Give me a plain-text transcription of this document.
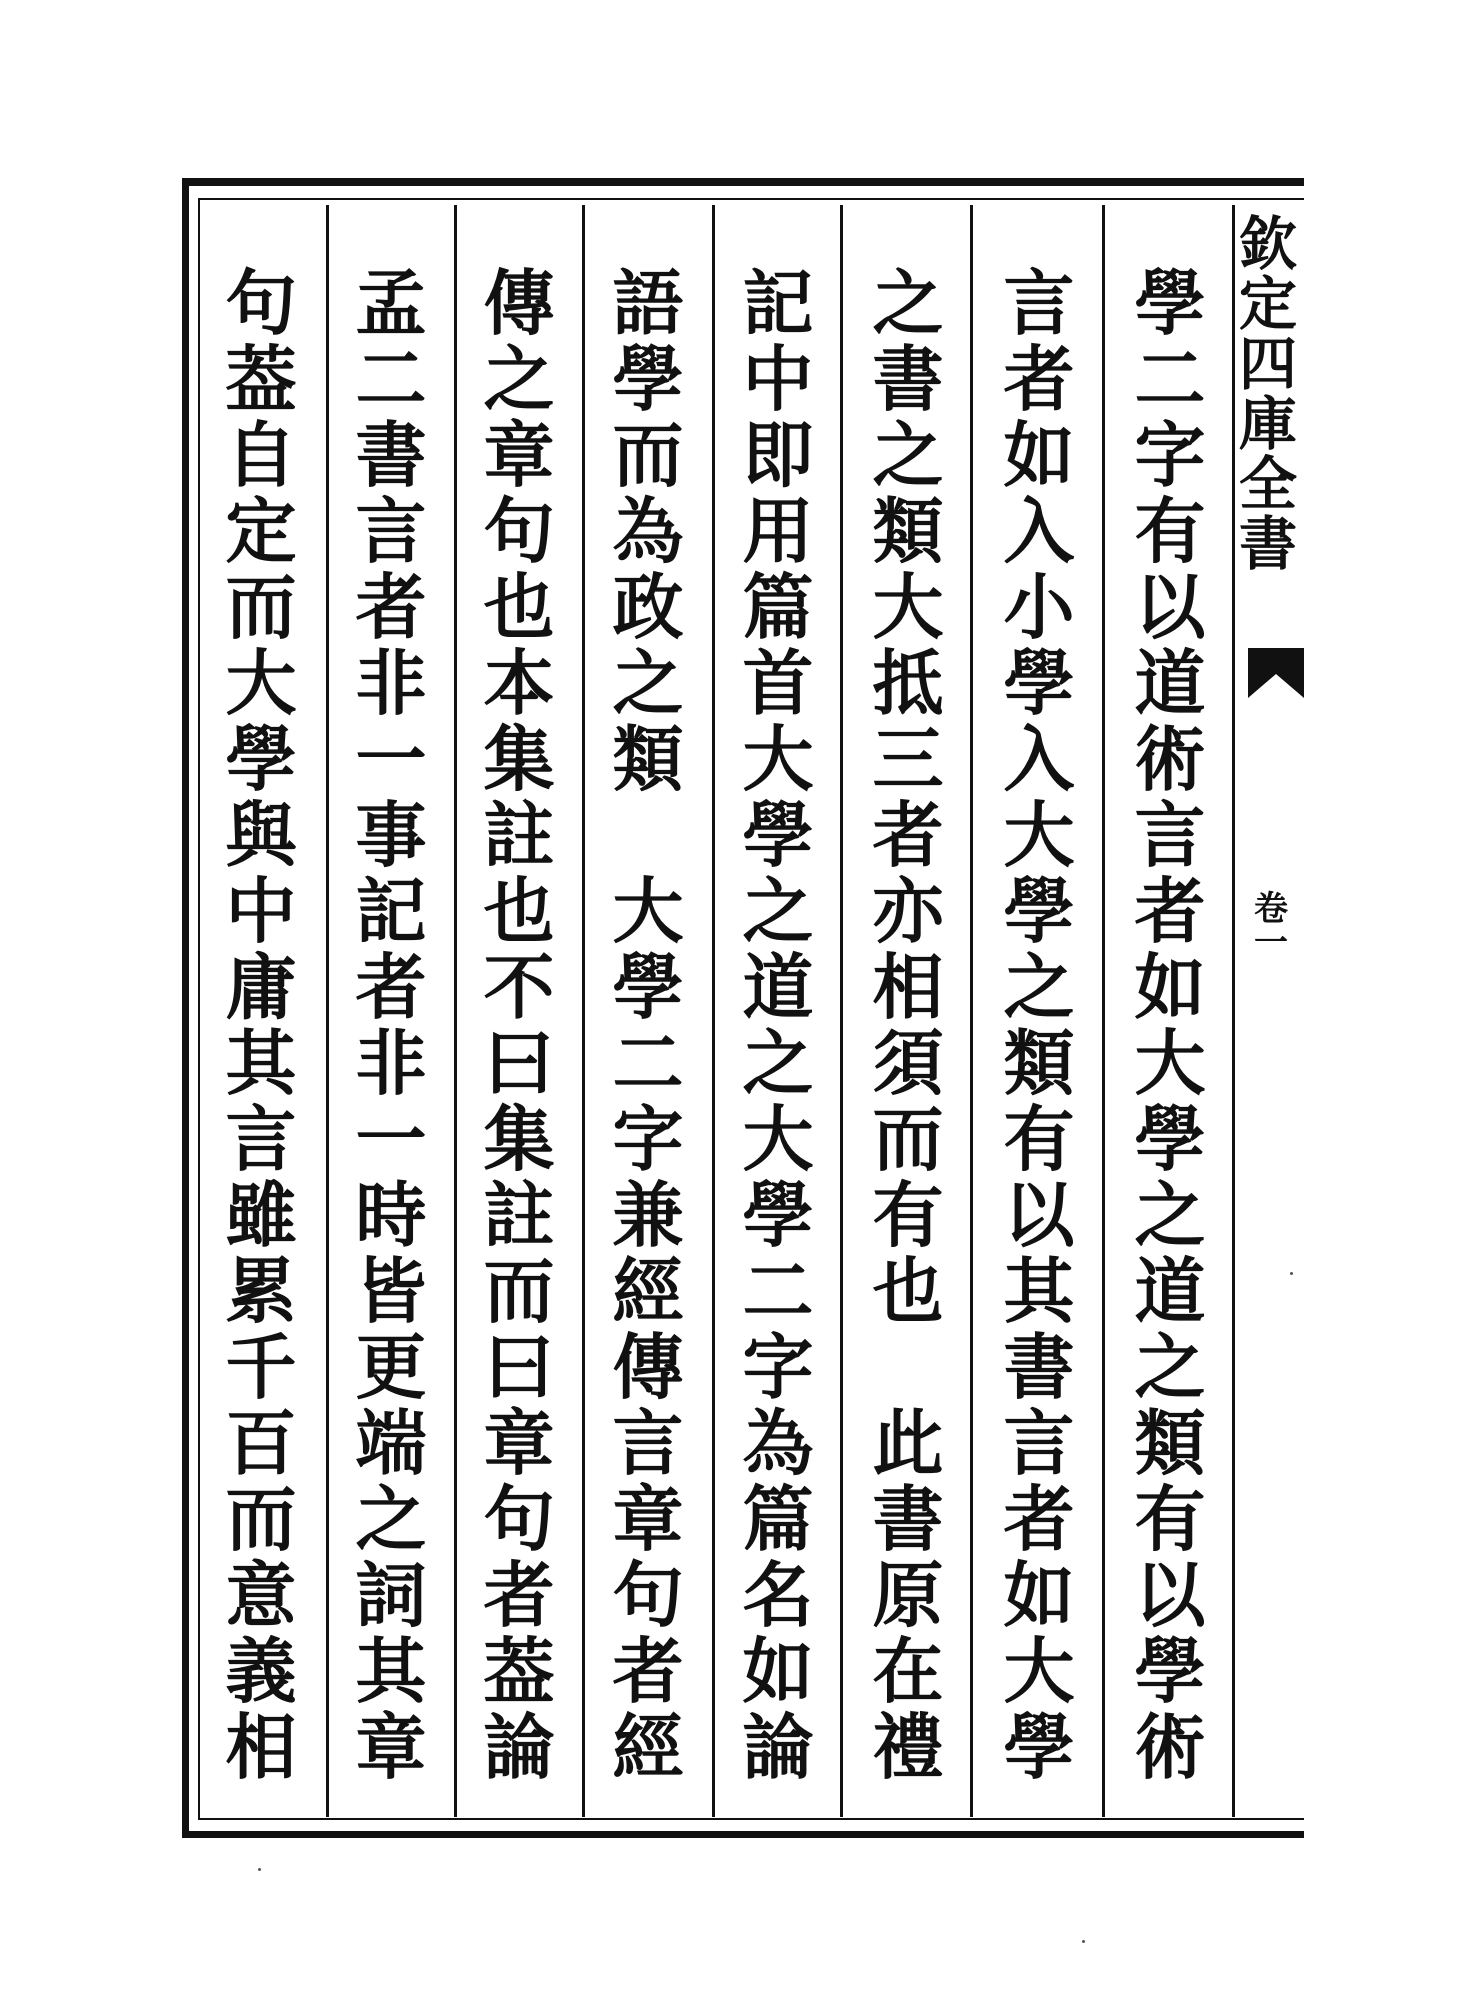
欽
定
四
庫
全
書
卷
一
學
二
字
有
以
道
術
言
者
如
大
學
之
道
之
類
有
以
學
術
言
者
如
入
小
學
入
大
學
之
類
有
以
其
書
言
者
如
大
學
之
書
之
類
大
抵
三
者
亦
相
須
而
有
也

此
書
原
在
禮
記
中
即
用
篇
首
大
學
之
道
之
大
學
二
字
為
篇
名
如
論
語
學
而
為
政
之
類

大
學
二
字
兼
經
傳
言
章
句
者
經
傳
之
章
句
也
本
集
註
也
不
曰
集
註
而
曰
章
句
者
葢
論
孟
二
書
言
者
非
一
事
記
者
非
一
時
皆
更
端
之
詞
其
章
句
葢
自
定
而
大
學
與
中
庸
其
言
雖
累
千
百
而
意
義
相
